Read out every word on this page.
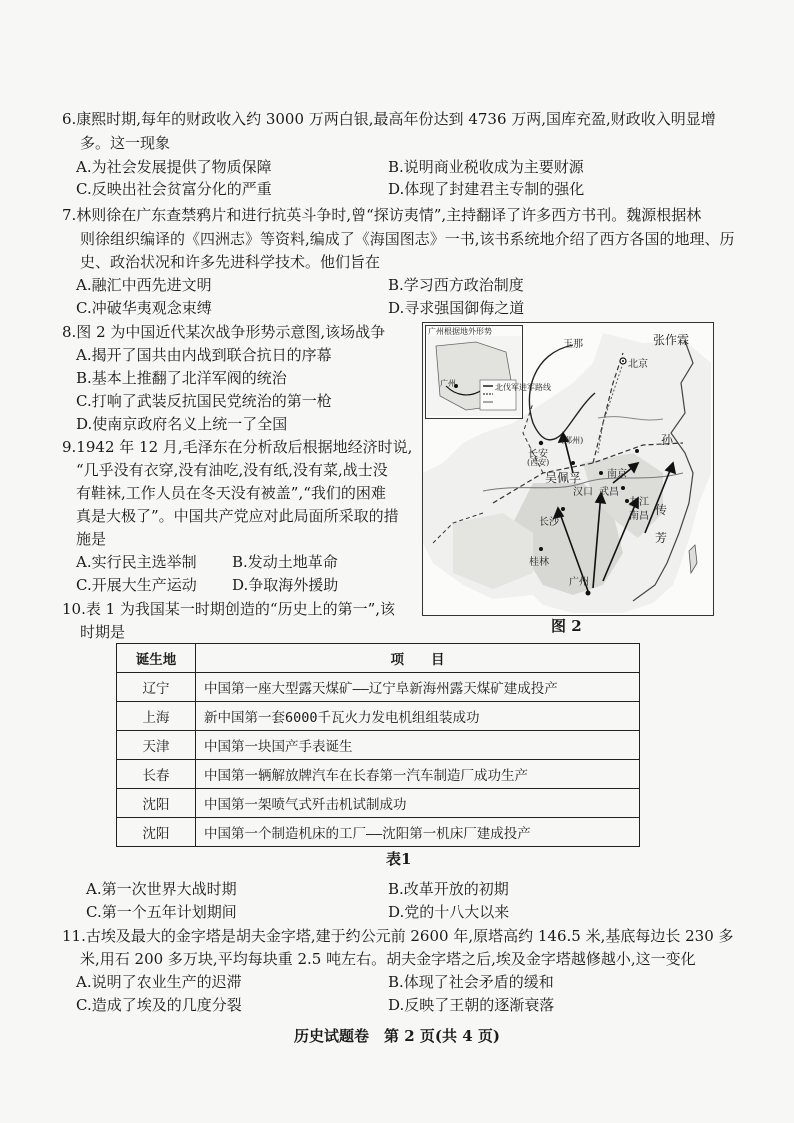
6.康熙时期,每年的财政收入约 3000 万两白银,最高年份达到 4736 万两,国库充盈,财政收入明显增
多。这一现象
A.为社会发展提供了物质保障	B.说明商业税收成为主要财源
C.反映出社会贫富分化的严重	D.体现了封建君主专制的强化
7.林则徐在广东查禁鸦片和进行抗英斗争时,曾“探访夷情”,主持翻译了许多西方书刊。魏源根据林
则徐组织编译的《四洲志》等资料,编成了《海国图志》一书,该书系统地介绍了西方各国的地理、历
史、政治状况和许多先进科学技术。他们旨在
A.融汇中西先进文明	B.学习西方政治制度
C.冲破华夷观念束缚	D.寻求强国御侮之道
8.图 2 为中国近代某次战争形势示意图,该场战争
A.揭开了国共由内战到联合抗日的序幕
B.基本上推翻了北洋军阀的统治
C.打响了武装反抗国民党统治的第一枪
D.使南京政府名义上统一了全国
9.1942 年 12 月,毛泽东在分析敌后根据地经济时说,
“几乎没有衣穿,没有油吃,没有纸,没有菜,战士没
有鞋袜,工作人员在冬天没有被盖”,“我们的困难
真是大极了”。中国共产党应对此局面所采取的措
施是
A.实行民主选举制 B.发动土地革命
C.开展大生产运动 D.争取海外援助
10.表 1 为我国某一时期创造的“历史上的第一”,该
时期是
广州根据地外形势
广州	北伐军进军路线
张作霖
北京
玉那
长安
(西安)
(郑州)
吴佩孚	南京
孙
传
芳
汉口 武昌
九江
南昌
长沙
桂林
广州
图 2
诞生地	项　　目
辽宁	中国第一座大型露天煤矿——辽宁阜新海州露天煤矿建成投产
上海	新中国第一套6000千瓦火力发电机组组装成功
天津	中国第一块国产手表诞生
长春	中国第一辆解放牌汽车在长春第一汽车制造厂成功生产
沈阳	中国第一架喷气式歼击机试制成功
沈阳	中国第一个制造机床的工厂——沈阳第一机床厂建成投产
表1
A.第一次世界大战时期	B.改革开放的初期
C.第一个五年计划期间	D.党的十八大以来
11.古埃及最大的金字塔是胡夫金字塔,建于约公元前 2600 年,原塔高约 146.5 米,基底每边长 230 多
米,用石 200 多万块,平均每块重 2.5 吨左右。胡夫金字塔之后,埃及金字塔越修越小,这一变化
A.说明了农业生产的迟滞	B.体现了社会矛盾的缓和
C.造成了埃及的几度分裂	D.反映了王朝的逐渐衰落
历史试题卷　第 2 页(共 4 页)
